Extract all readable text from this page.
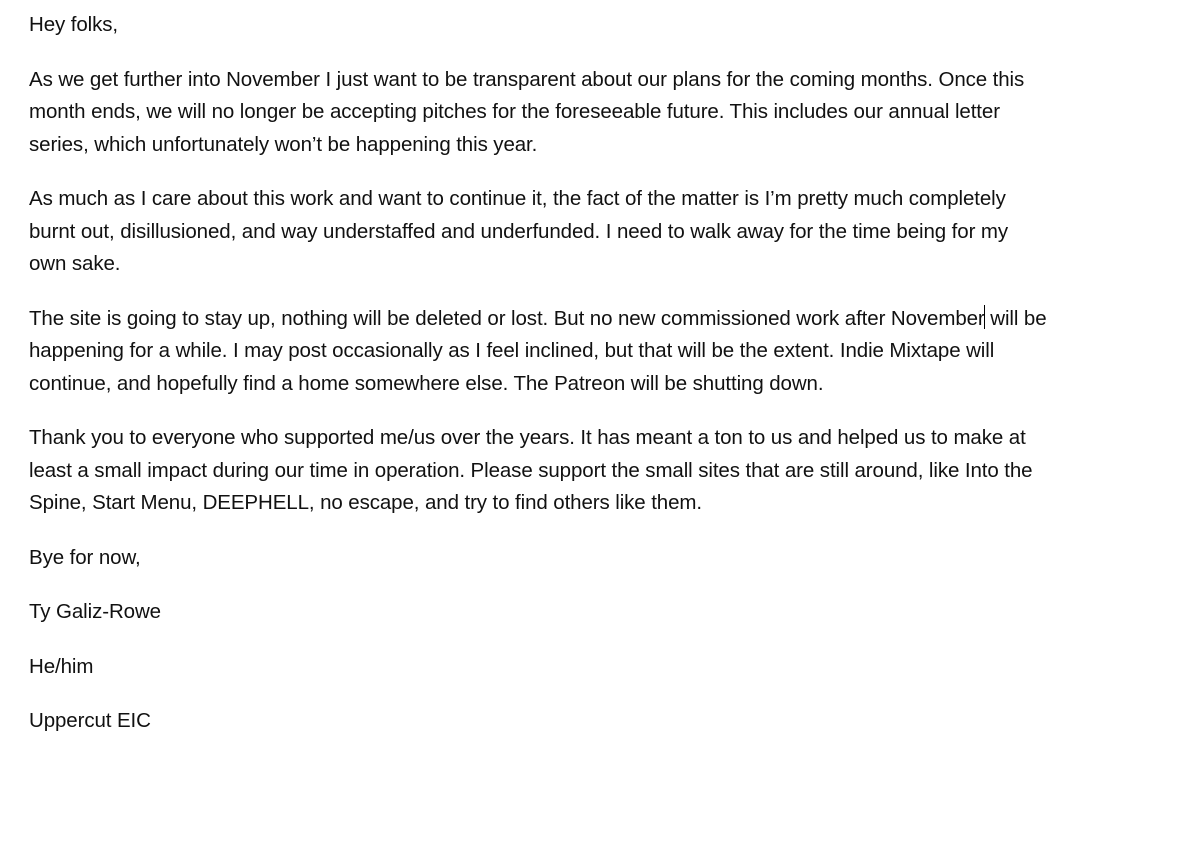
Hey folks,

As we get further into November I just want to be transparent about our plans for the coming months. Once this month ends, we will no longer be accepting pitches for the foreseeable future. This includes our annual letter series, which unfortunately won’t be happening this year.

As much as I care about this work and want to continue it, the fact of the matter is I’m pretty much completely burnt out, disillusioned, and way understaffed and underfunded. I need to walk away for the time being for my own sake.

The site is going to stay up, nothing will be deleted or lost. But no new commissioned work after November will be happening for a while. I may post occasionally as I feel inclined, but that will be the extent. Indie Mixtape will continue, and hopefully find a home somewhere else. The Patreon will be shutting down.

Thank you to everyone who supported me/us over the years. It has meant a ton to us and helped us to make at least a small impact during our time in operation. Please support the small sites that are still around, like Into the Spine, Start Menu, DEEPHELL, no escape, and try to find others like them.

Bye for now,

Ty Galiz-Rowe

He/him

Uppercut EIC
